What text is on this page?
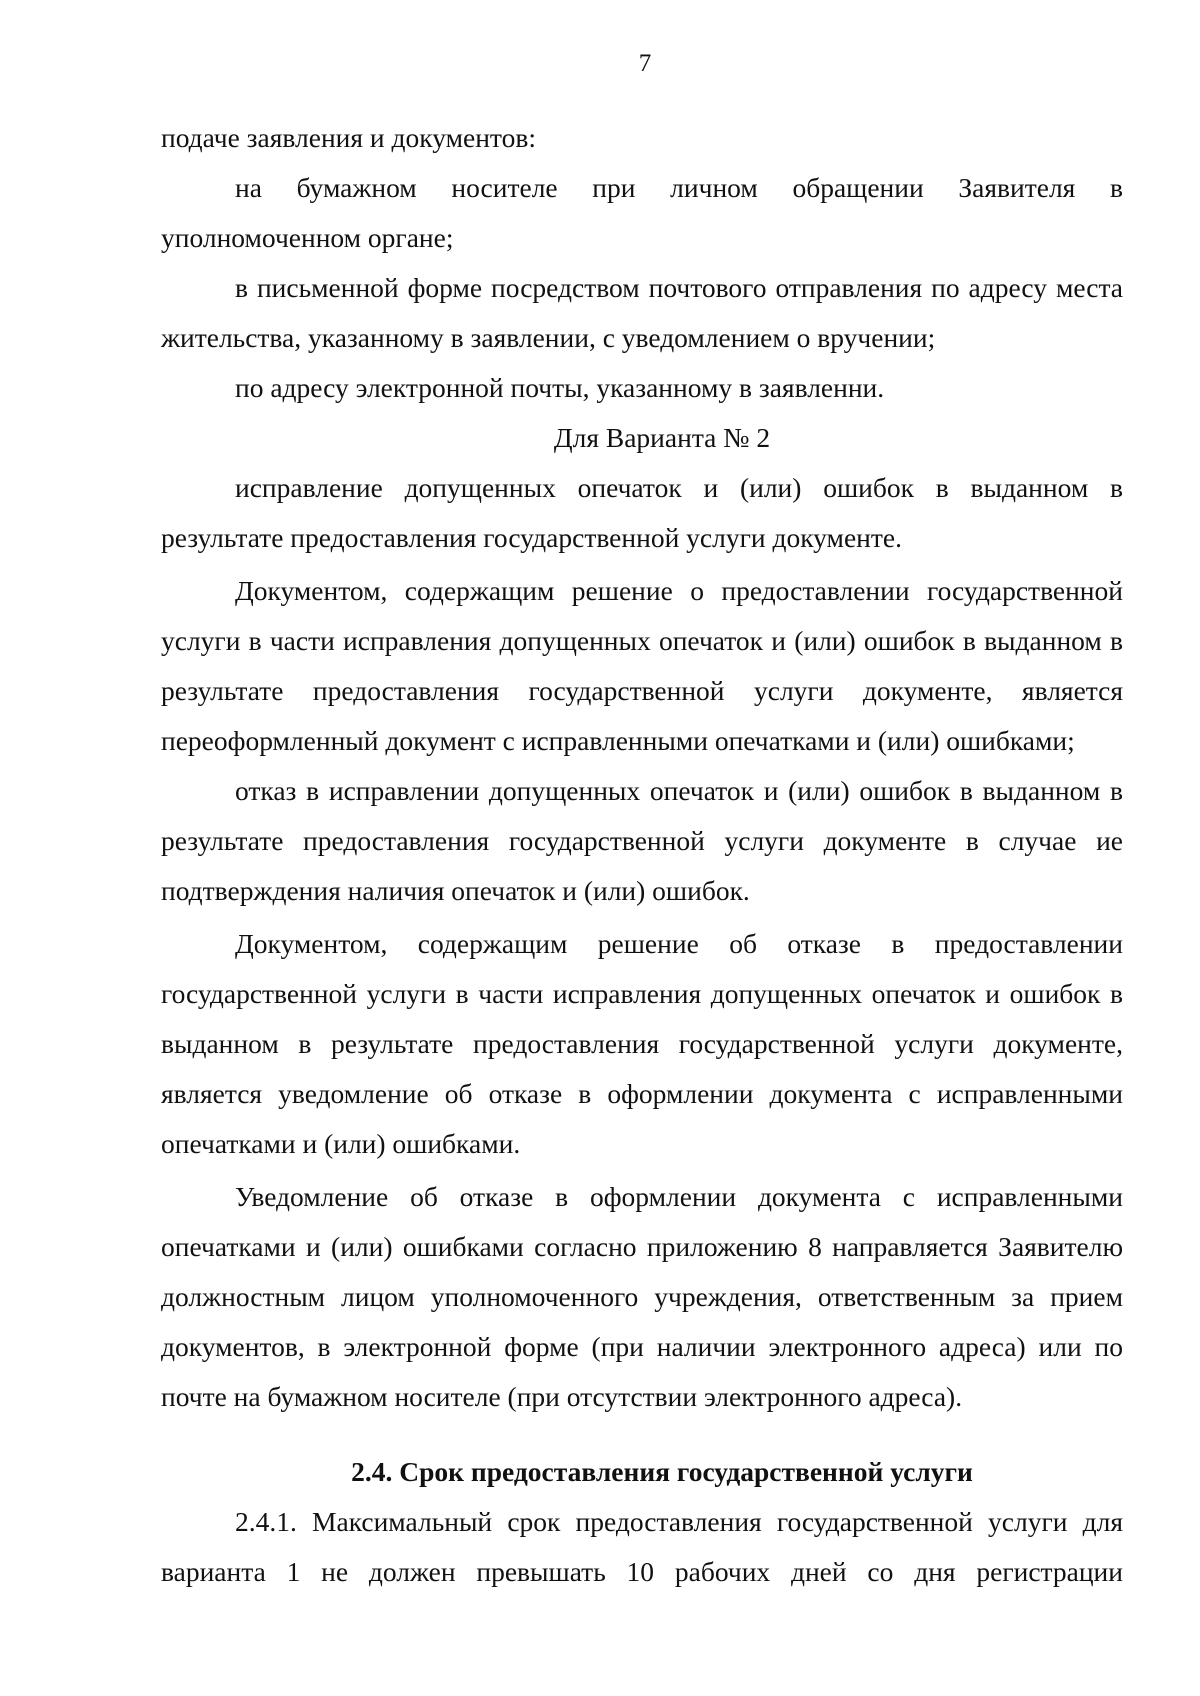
7

подаче заявления и документов:

на бумажном носителе при личном обращении Заявителя в уполномоченном органе;

в письменной форме посредством почтового отправления по адресу места жительства, указанному в заявлении, с уведомлением о вручении;

по адресу электронной почты, указанному в заявленни.

Для Варианта № 2

исправление допущенных опечаток и (или) ошибок в выданном в результате предоставления государственной услуги документе.

Документом, содержащим решение о предоставлении государственной услуги в части исправления допущенных опечаток и (или) ошибок в выданном в результате предоставления государственной услуги документе, является переоформленный документ с исправленными опечатками и (или) ошибками;

отказ в исправлении допущенных опечаток и (или) ошибок в выданном в результате предоставления государственной услуги документе в случае ие подтверждения наличия опечаток и (или) ошибок.

Документом, содержащим решение об отказе в предоставлении государственной услуги в части исправления допущенных опечаток и ошибок в выданном в результате предоставления государственной услуги документе, является уведомление об отказе в оформлении документа с исправленными опечатками и (или) ошибками.

Уведомление об отказе в оформлении документа с исправленными опечатками и (или) ошибками согласно приложению 8 направляется Заявителю должностным лицом уполномоченного учреждения, ответственным за прием документов, в электронной форме (при наличии электронного адреса) или по почте на бумажном носителе (при отсутствии электронного адреса).

2.4. Срок предоставления государственной услуги

2.4.1. Максимальный срок предоставления государственной услуги для варианта 1 не должен превышать 10 рабочих дней со дня регистрации
